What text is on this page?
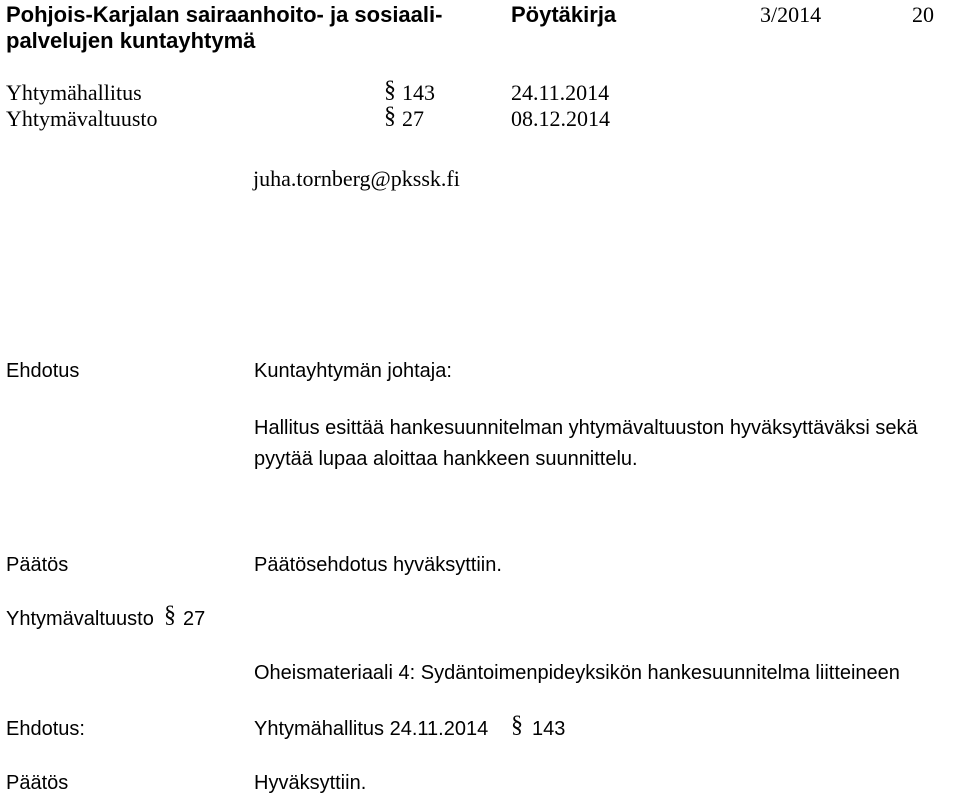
Pohjois-Karjalan sairaanhoito- ja sosiaali-
palvelujen kuntayhtymä
Pöytäkirja	3/2014	20
Yhtymähallitus	§ 143	24.11.2014
Yhtymävaltuusto	§ 27	08.12.2014
juha.tornberg@pkssk.fi
Ehdotus	Kuntayhtymän johtaja:
Hallitus esittää hankesuunnitelman yhtymävaltuuston hyväksyttäväksi sekä
pyytää lupaa aloittaa hankkeen suunnittelu.
Päätös	Päätösehdotus hyväksyttiin.
Yhtymävaltuusto § 27
Oheismateriaali 4: Sydäntoimenpideyksikön hankesuunnitelma liitteineen
Ehdotus:	Yhtymähallitus 24.11.2014 § 143
Päätös	Hyväksyttiin.
